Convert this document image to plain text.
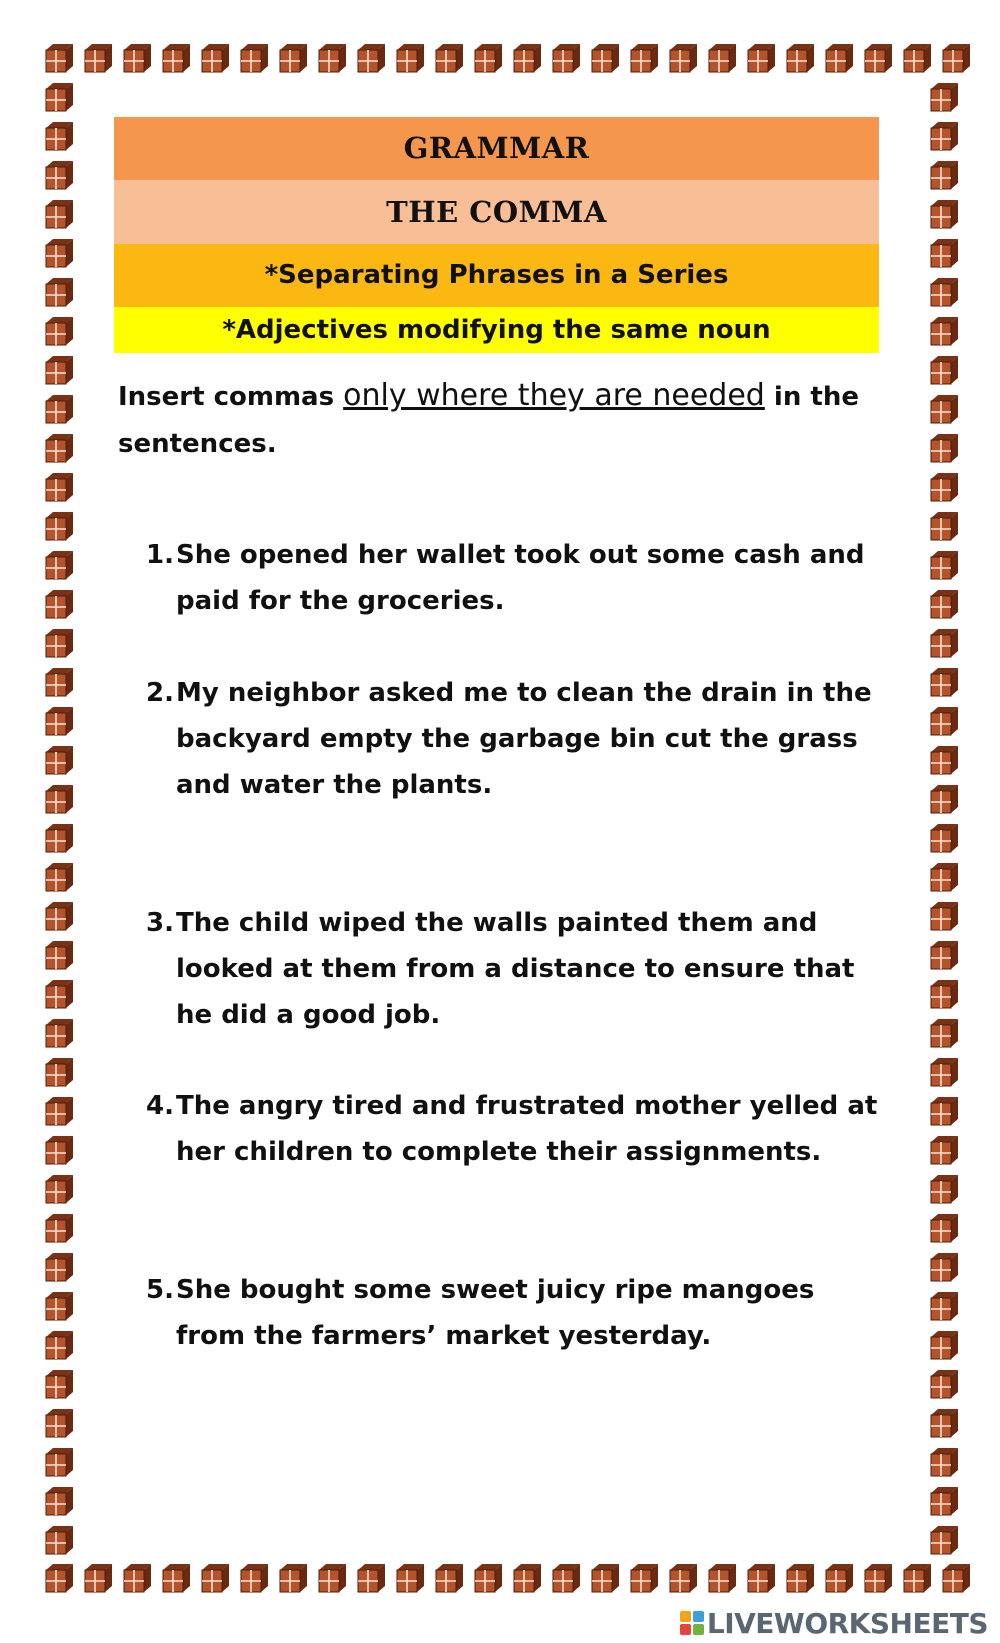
GRAMMAR
THE COMMA
*Separating Phrases in a Series
*Adjectives modifying the same noun
Insert commas only where they are needed in the sentences.
1. She opened her wallet took out some cash and paid for the groceries.
2. My neighbor asked me to clean the drain in the backyard empty the garbage bin cut the grass and water the plants.
3. The child wiped the walls painted them and looked at them from a distance to ensure that he did a good job.
4. The angry tired and frustrated mother yelled at her children to complete their assignments.
5. She bought some sweet juicy ripe mangoes from the farmers’ market yesterday.
LIVEWORKSHEETS
